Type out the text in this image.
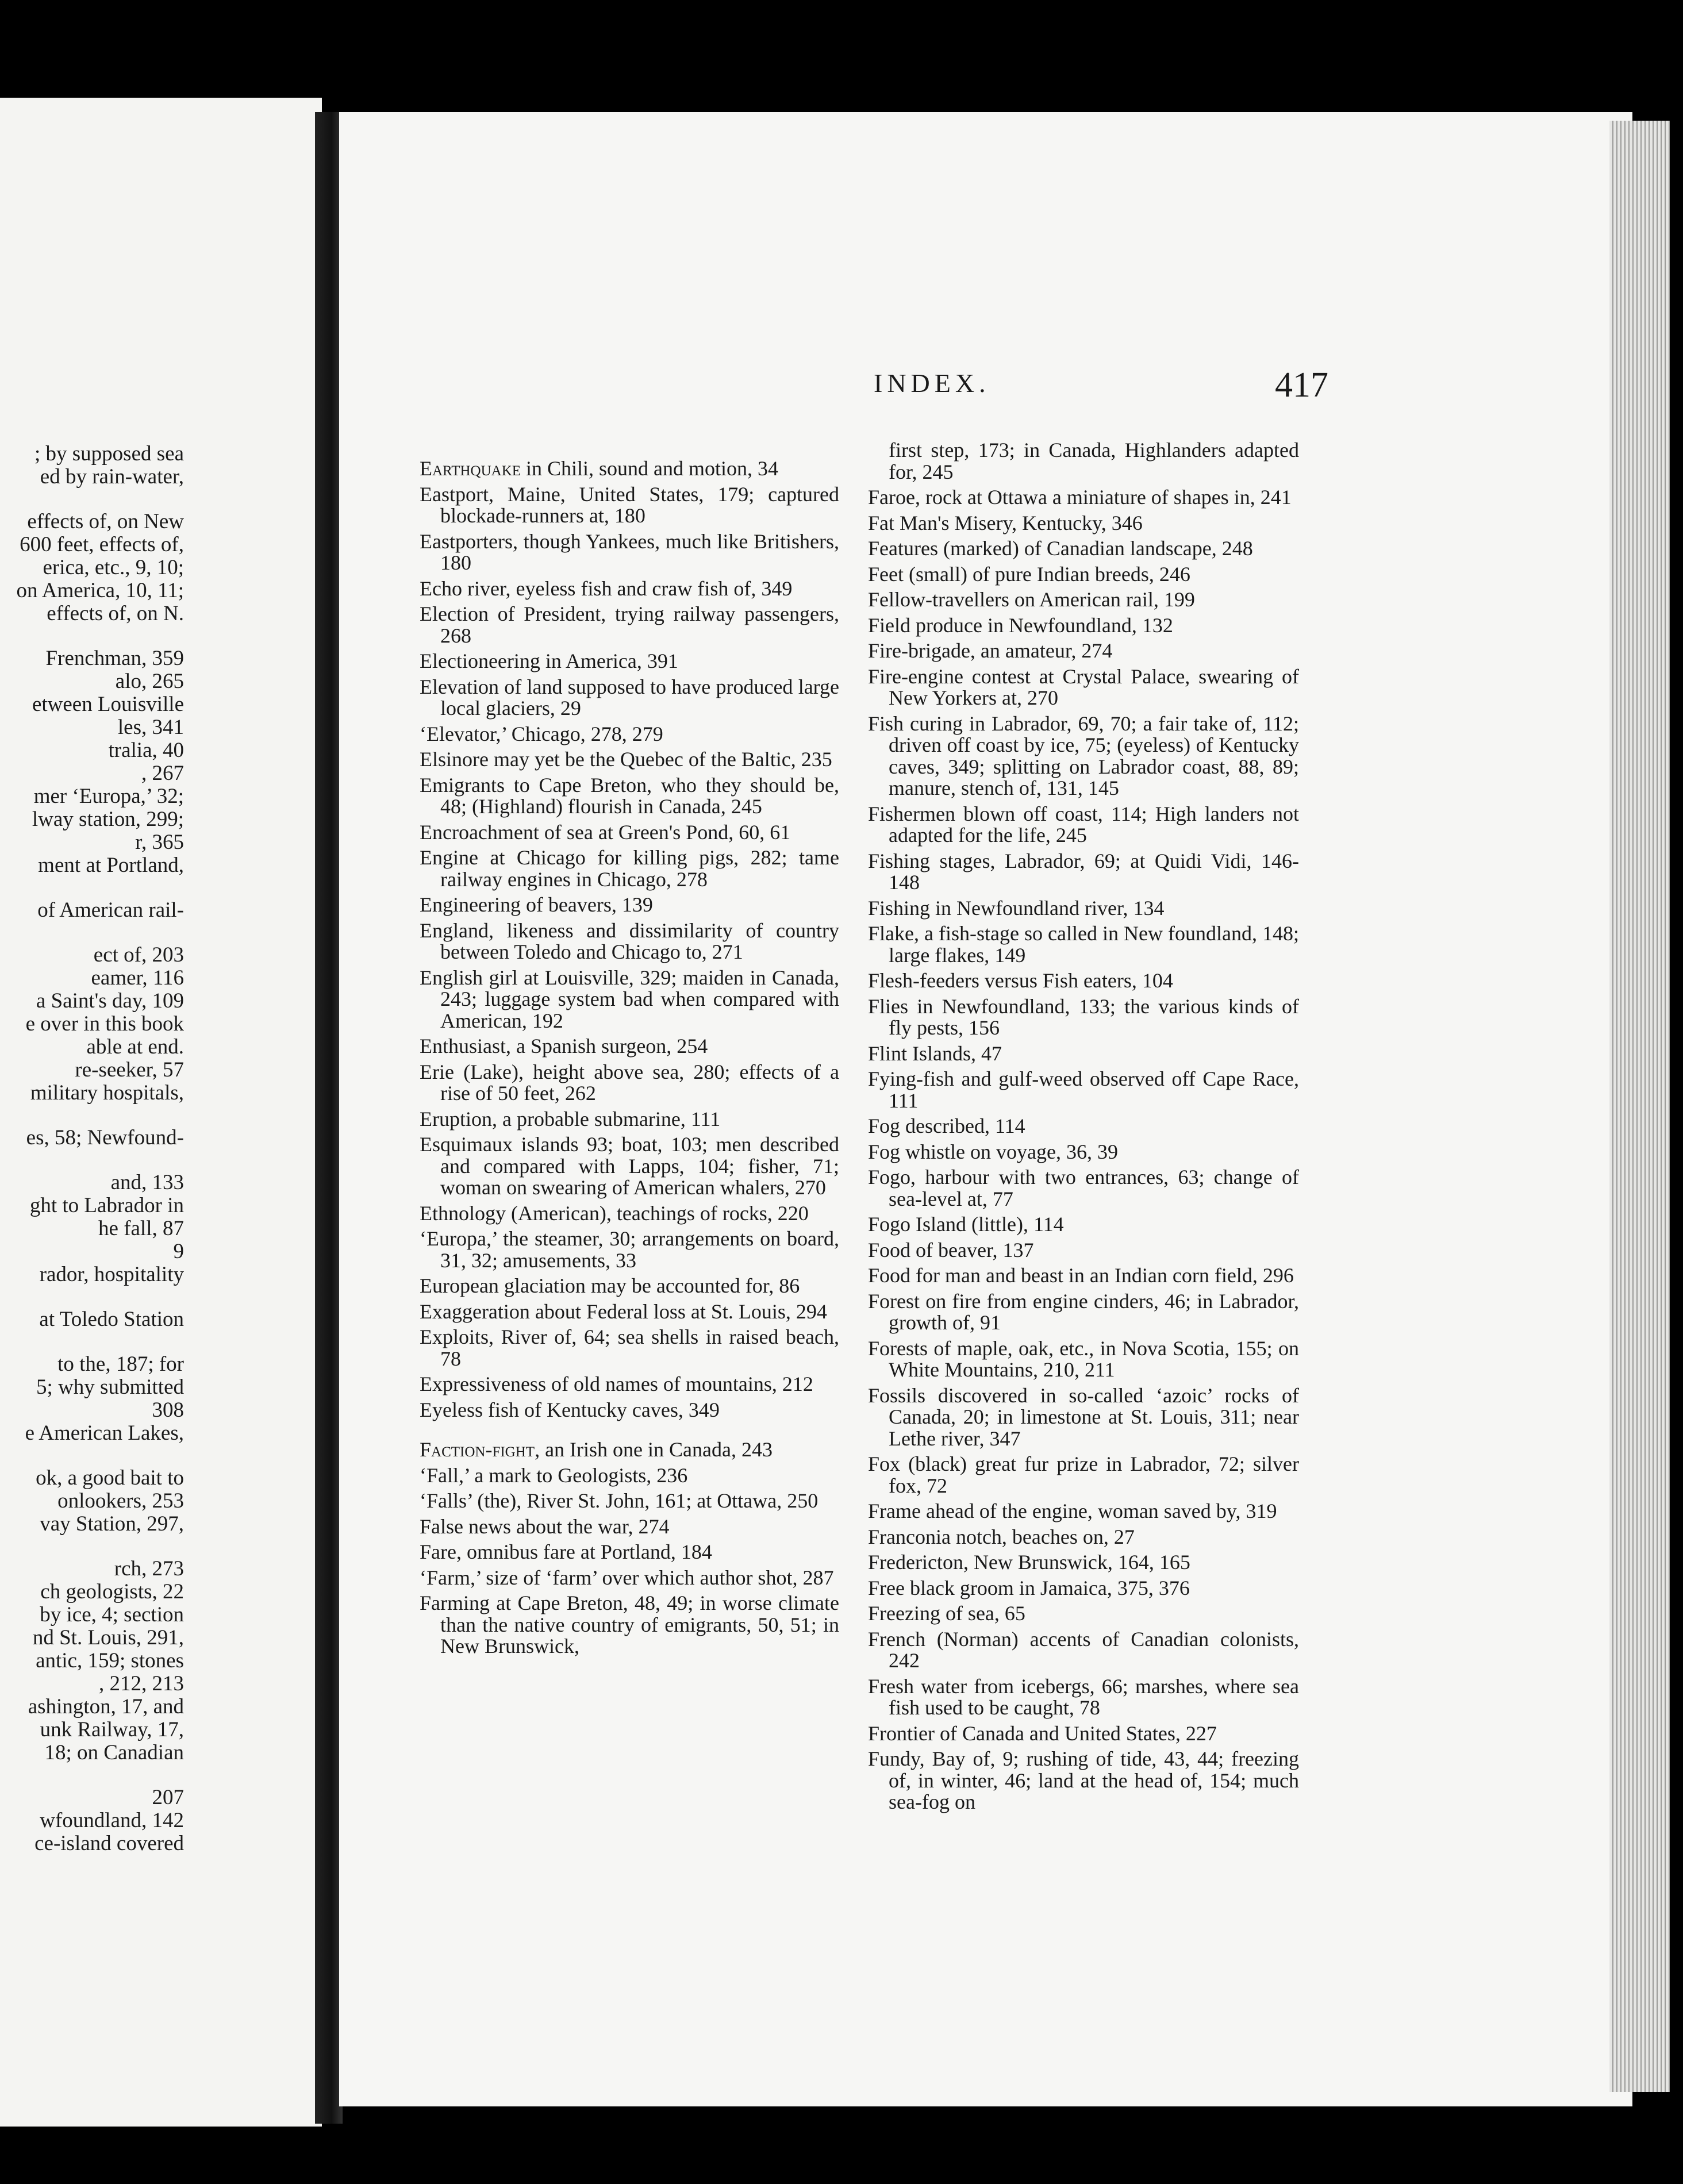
; by supposed sea
ed by rain-water,
effects of, on New
600 feet, effects of,
erica, etc., 9, 10;
on America, 10, 11;
effects of, on N.
Frenchman, 359
alo, 265
etween Louisville
les, 341
tralia, 40
, 267
mer ‘Europa,’ 32;
lway station, 299;
r, 365
ment at Portland,
of American rail-
ect of, 203
eamer, 116
a Saint's day, 109
e over in this book
able at end.
re-seeker, 57
military hospitals,
es, 58; Newfound-
and, 133
ght to Labrador in
he fall, 87
9
rador, hospitality
at Toledo Station
to the, 187; for
5; why submitted
308
e American Lakes,
ok, a good bait to
onlookers, 253
vay Station, 297,
rch, 273
ch geologists, 22
by ice, 4; section
nd St. Louis, 291,
antic, 159; stones
, 212, 213
ashington, 17, and
unk Railway, 17,
18; on Canadian
207
wfoundland, 142
ce-island covered
INDEX.	417
Earthquake in Chili, sound and motion, 34
Eastport, Maine, United States, 179; captured blockade-runners at, 180
Eastporters, though Yankees, much like Britishers, 180
Echo river, eyeless fish and craw fish of, 349
Election of President, trying railway passengers, 268
Electioneering in America, 391
Elevation of land supposed to have produced large local glaciers, 29
‘Elevator,’ Chicago, 278, 279
Elsinore may yet be the Quebec of the Baltic, 235
Emigrants to Cape Breton, who they should be, 48; (Highland) flourish in Canada, 245
Encroachment of sea at Green's Pond, 60, 61
Engine at Chicago for killing pigs, 282; tame railway engines in Chicago, 278
Engineering of beavers, 139
England, likeness and dissimilarity of country between Toledo and Chicago to, 271
English girl at Louisville, 329; maiden in Canada, 243; luggage system bad when compared with American, 192
Enthusiast, a Spanish surgeon, 254
Erie (Lake), height above sea, 280; effects of a rise of 50 feet, 262
Eruption, a probable submarine, 111
Esquimaux islands 93; boat, 103; men described and compared with Lapps, 104; fisher, 71; woman on swearing of American whalers, 270
Ethnology (American), teachings of rocks, 220
‘Europa,’ the steamer, 30; arrangements on board, 31, 32; amusements, 33
European glaciation may be accounted for, 86
Exaggeration about Federal loss at St. Louis, 294
Exploits, River of, 64; sea shells in raised beach, 78
Expressiveness of old names of mountains, 212
Eyeless fish of Kentucky caves, 349
Faction-fight, an Irish one in Canada, 243
‘Fall,’ a mark to Geologists, 236
‘Falls’ (the), River St. John, 161; at Ottawa, 250
False news about the war, 274
Fare, omnibus fare at Portland, 184
‘Farm,’ size of ‘farm’ over which author shot, 287
Farming at Cape Breton, 48, 49; in worse climate than the native country of emigrants, 50, 51; in New Brunswick,
first step, 173; in Canada, Highlanders adapted for, 245
Faroe, rock at Ottawa a miniature of shapes in, 241
Fat Man's Misery, Kentucky, 346
Features (marked) of Canadian landscape, 248
Feet (small) of pure Indian breeds, 246
Fellow-travellers on American rail, 199
Field produce in Newfoundland, 132
Fire-brigade, an amateur, 274
Fire-engine contest at Crystal Palace, swearing of New Yorkers at, 270
Fish curing in Labrador, 69, 70; a fair take of, 112; driven off coast by ice, 75; (eyeless) of Kentucky caves, 349; splitting on Labrador coast, 88, 89; manure, stench of, 131, 145
Fishermen blown off coast, 114; High landers not adapted for the life, 245
Fishing stages, Labrador, 69; at Quidi Vidi, 146-148
Fishing in Newfoundland river, 134
Flake, a fish-stage so called in New foundland, 148; large flakes, 149
Flesh-feeders versus Fish eaters, 104
Flies in Newfoundland, 133; the various kinds of fly pests, 156
Flint Islands, 47
Fying-fish and gulf-weed observed off Cape Race, 111
Fog described, 114
Fog whistle on voyage, 36, 39
Fogo, harbour with two entrances, 63; change of sea-level at, 77
Fogo Island (little), 114
Food of beaver, 137
Food for man and beast in an Indian corn field, 296
Forest on fire from engine cinders, 46; in Labrador, growth of, 91
Forests of maple, oak, etc., in Nova Scotia, 155; on White Mountains, 210, 211
Fossils discovered in so-called ‘azoic’ rocks of Canada, 20; in limestone at St. Louis, 311; near Lethe river, 347
Fox (black) great fur prize in Labrador, 72; silver fox, 72
Frame ahead of the engine, woman saved by, 319
Franconia notch, beaches on, 27
Fredericton, New Brunswick, 164, 165
Free black groom in Jamaica, 375, 376
Freezing of sea, 65
French (Norman) accents of Canadian colonists, 242
Fresh water from icebergs, 66; marshes, where sea fish used to be caught, 78
Frontier of Canada and United States, 227
Fundy, Bay of, 9; rushing of tide, 43, 44; freezing of, in winter, 46; land at the head of, 154; much sea-fog on
